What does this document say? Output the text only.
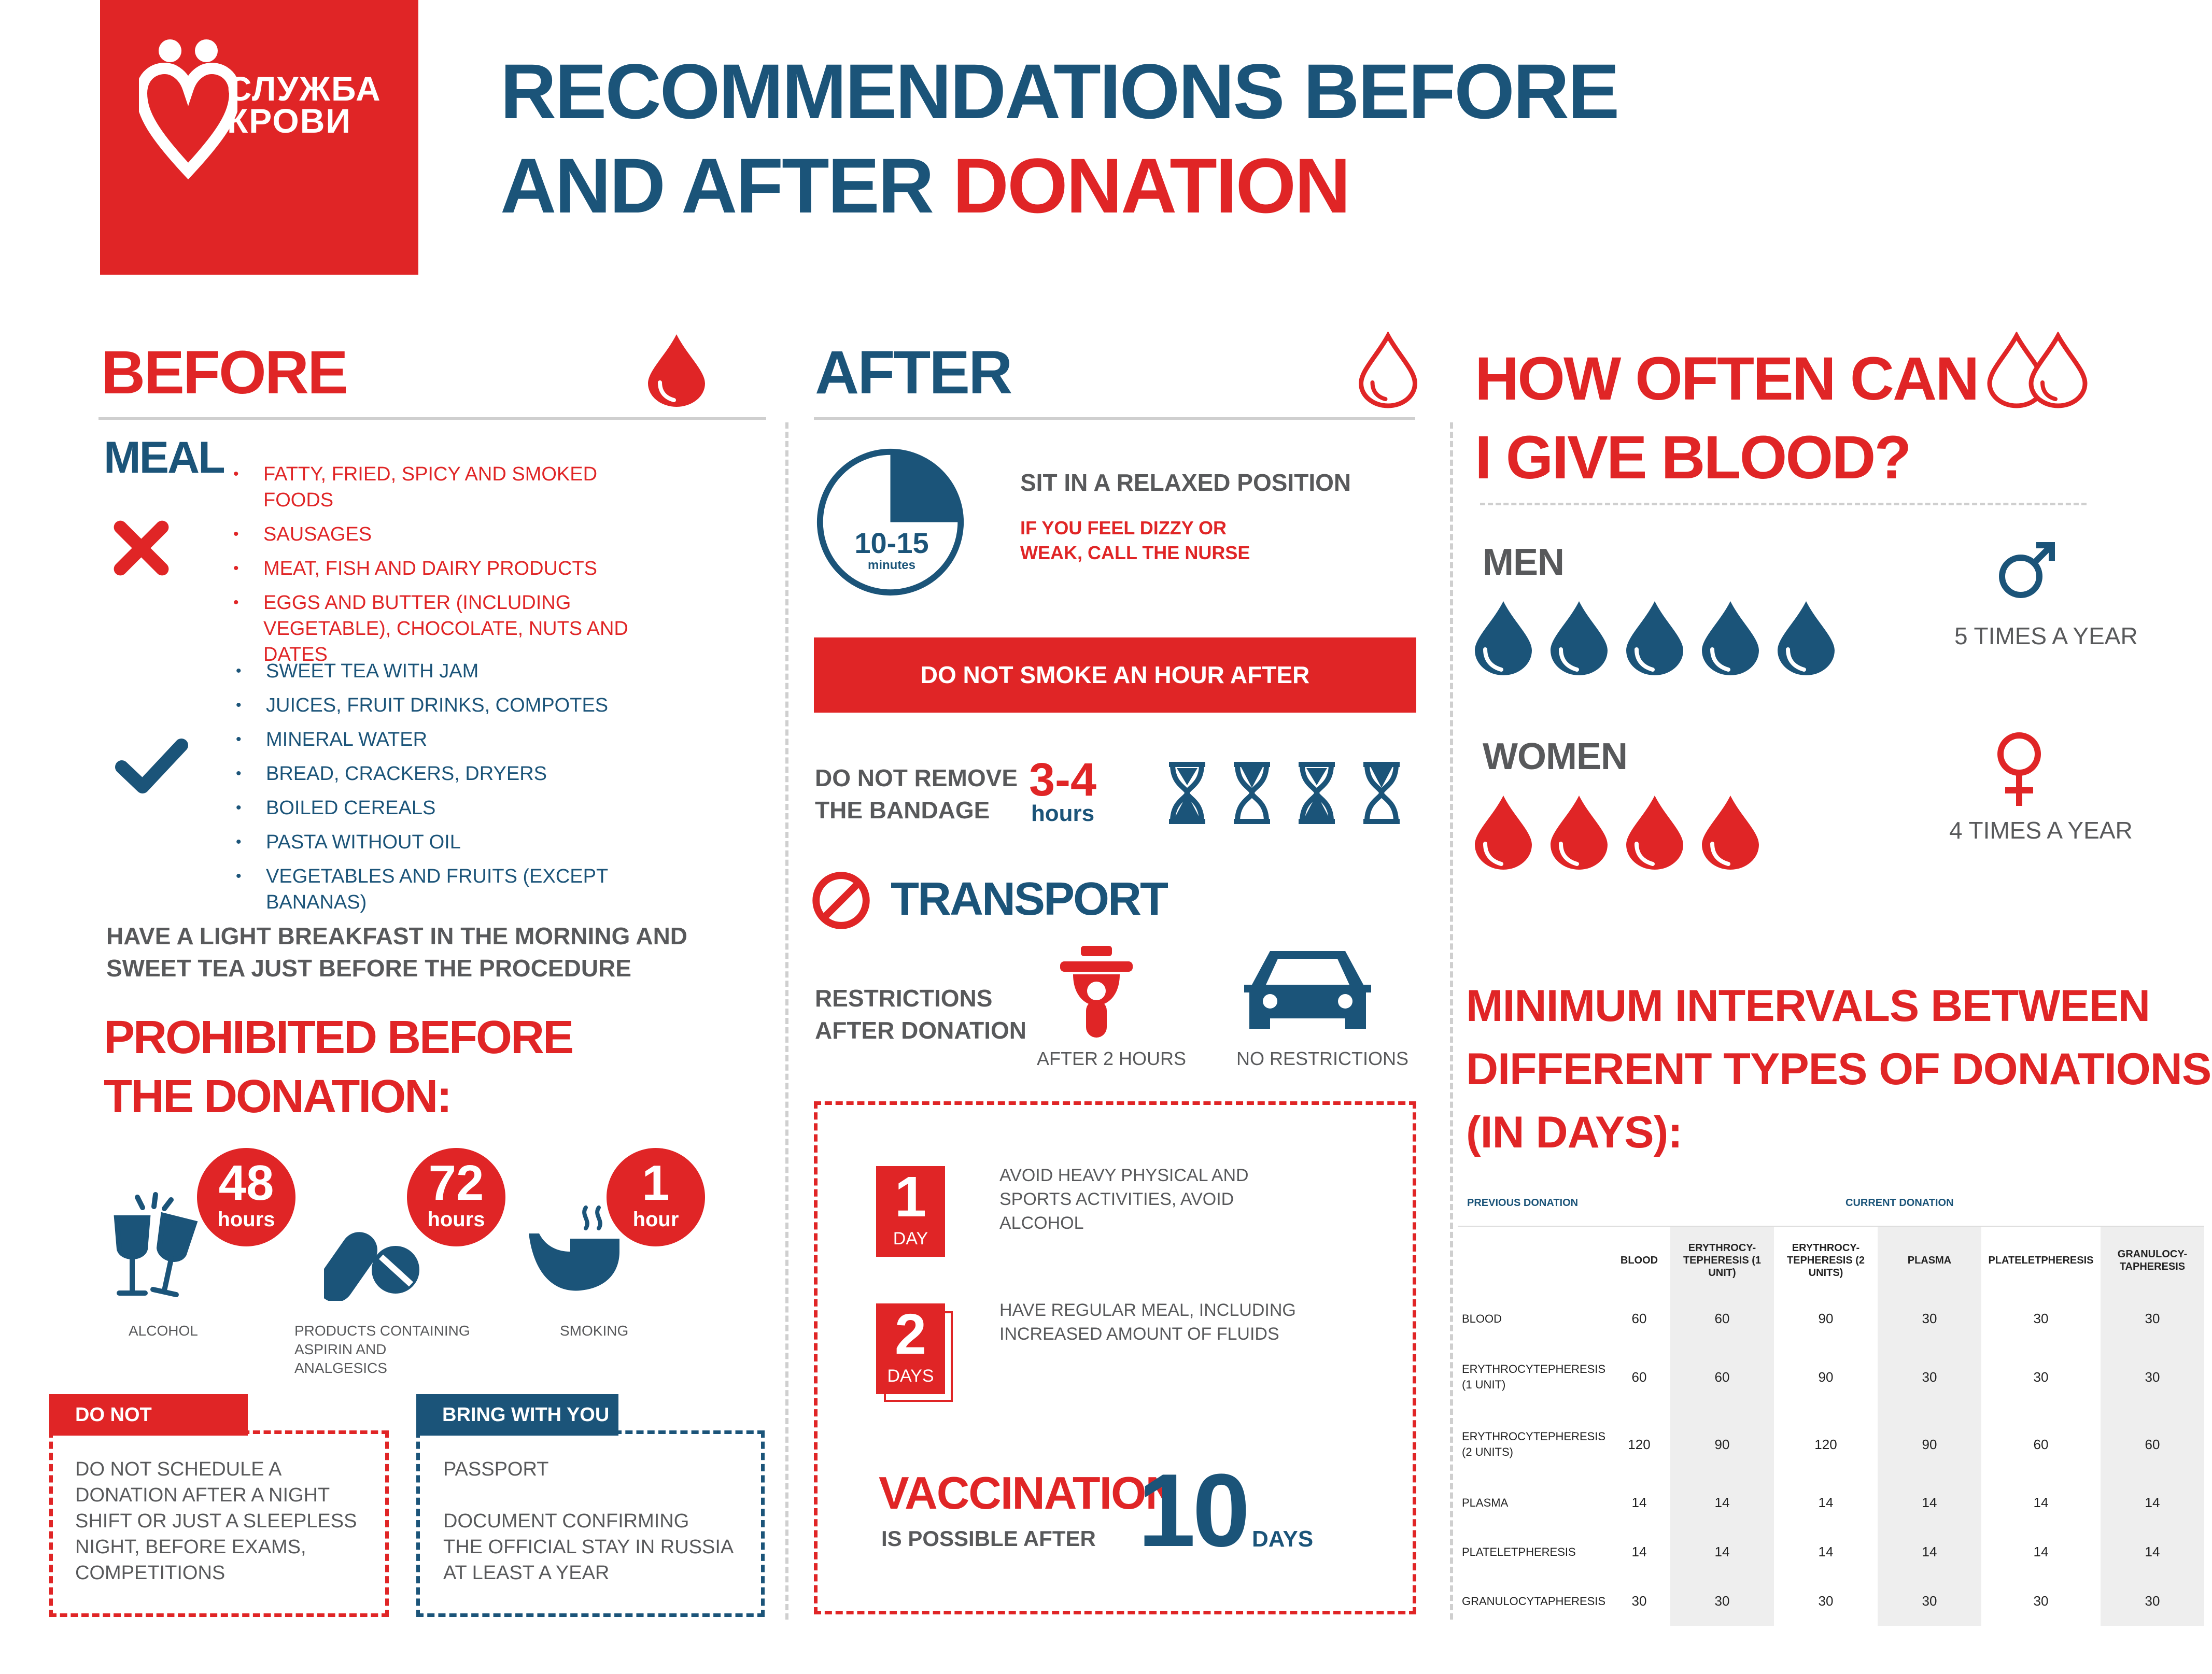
СЛУЖБА
КРОВИ	RECOMMENDATIONS BEFORE
AND AFTER DONATION
BEFORE
MEAL	• FATTY, FRIED, SPICY AND SMOKED FOODS
• SAUSAGES
• MEAT, FISH AND DAIRY PRODUCTS
• EGGS AND BUTTER (INCLUDING VEGETABLE), CHOCOLATE, NUTS AND DATES
• SWEET TEA WITH JAM
• JUICES, FRUIT DRINKS, COMPOTES
• MINERAL WATER
• BREAD, CRACKERS, DRYERS
• BOILED CEREALS
• PASTA WITHOUT OIL
• VEGETABLES AND FRUITS (EXCEPT BANANAS)
HAVE A LIGHT BREAKFAST IN THE MORNING AND SWEET TEA JUST BEFORE THE PROCEDURE
PROHIBITED BEFORE
THE DONATION:
48
hours
ALCOHOL
72
hours
PRODUCTS CONTAINING ASPIRIN AND ANALGESICS
1
hour
SMOKING
DO NOT
DO NOT SCHEDULE A DONATION AFTER A NIGHT SHIFT OR JUST A SLEEPLESS NIGHT, BEFORE EXAMS, COMPETITIONS
BRING WITH YOU
PASSPORT
DOCUMENT CONFIRMING THE OFFICIAL STAY IN RUSSIA AT LEAST A YEAR
AFTER
10-15
minutes
SIT IN A RELAXED POSITION
IF YOU FEEL DIZZY OR WEAK, CALL THE NURSE
DO NOT SMOKE AN HOUR AFTER
DO NOT REMOVE
THE BANDAGE
3-4
hours
TRANSPORT
RESTRICTIONS
AFTER DONATION
AFTER 2 HOURS	NO RESTRICTIONS
1
DAY
AVOID HEAVY PHYSICAL AND SPORTS ACTIVITIES, AVOID ALCOHOL
2
DAYS
HAVE REGULAR MEAL, INCLUDING INCREASED AMOUNT OF FLUIDS
VACCINATION
IS POSSIBLE AFTER 10 DAYS
HOW OFTEN CAN
I GIVE BLOOD?
MEN
5 TIMES A YEAR
WOMEN
4 TIMES A YEAR
MINIMUM INTERVALS BETWEEN
DIFFERENT TYPES OF DONATIONS
(IN DAYS):
PREVIOUS DONATION	CURRENT DONATION
	BLOOD	ERYTHROCY-TEPHERESIS (1 UNIT)	ERYTHROCY-TEPHERESIS (2 UNITS)	PLASMA	PLATELETPHERESIS	GRANULOCY-TAPHERESIS
BLOOD	60	60	90	30	30	30
ERYTHROCYTEPHERESIS (1 UNIT)	60	60	90	30	30	30
ERYTHROCYTEPHERESIS (2 UNITS)	120	90	120	90	60	60
PLASMA	14	14	14	14	14	14
PLATELETPHERESIS	14	14	14	14	14	14
GRANULOCYTAPHERESIS	30	30	30	30	30	30
